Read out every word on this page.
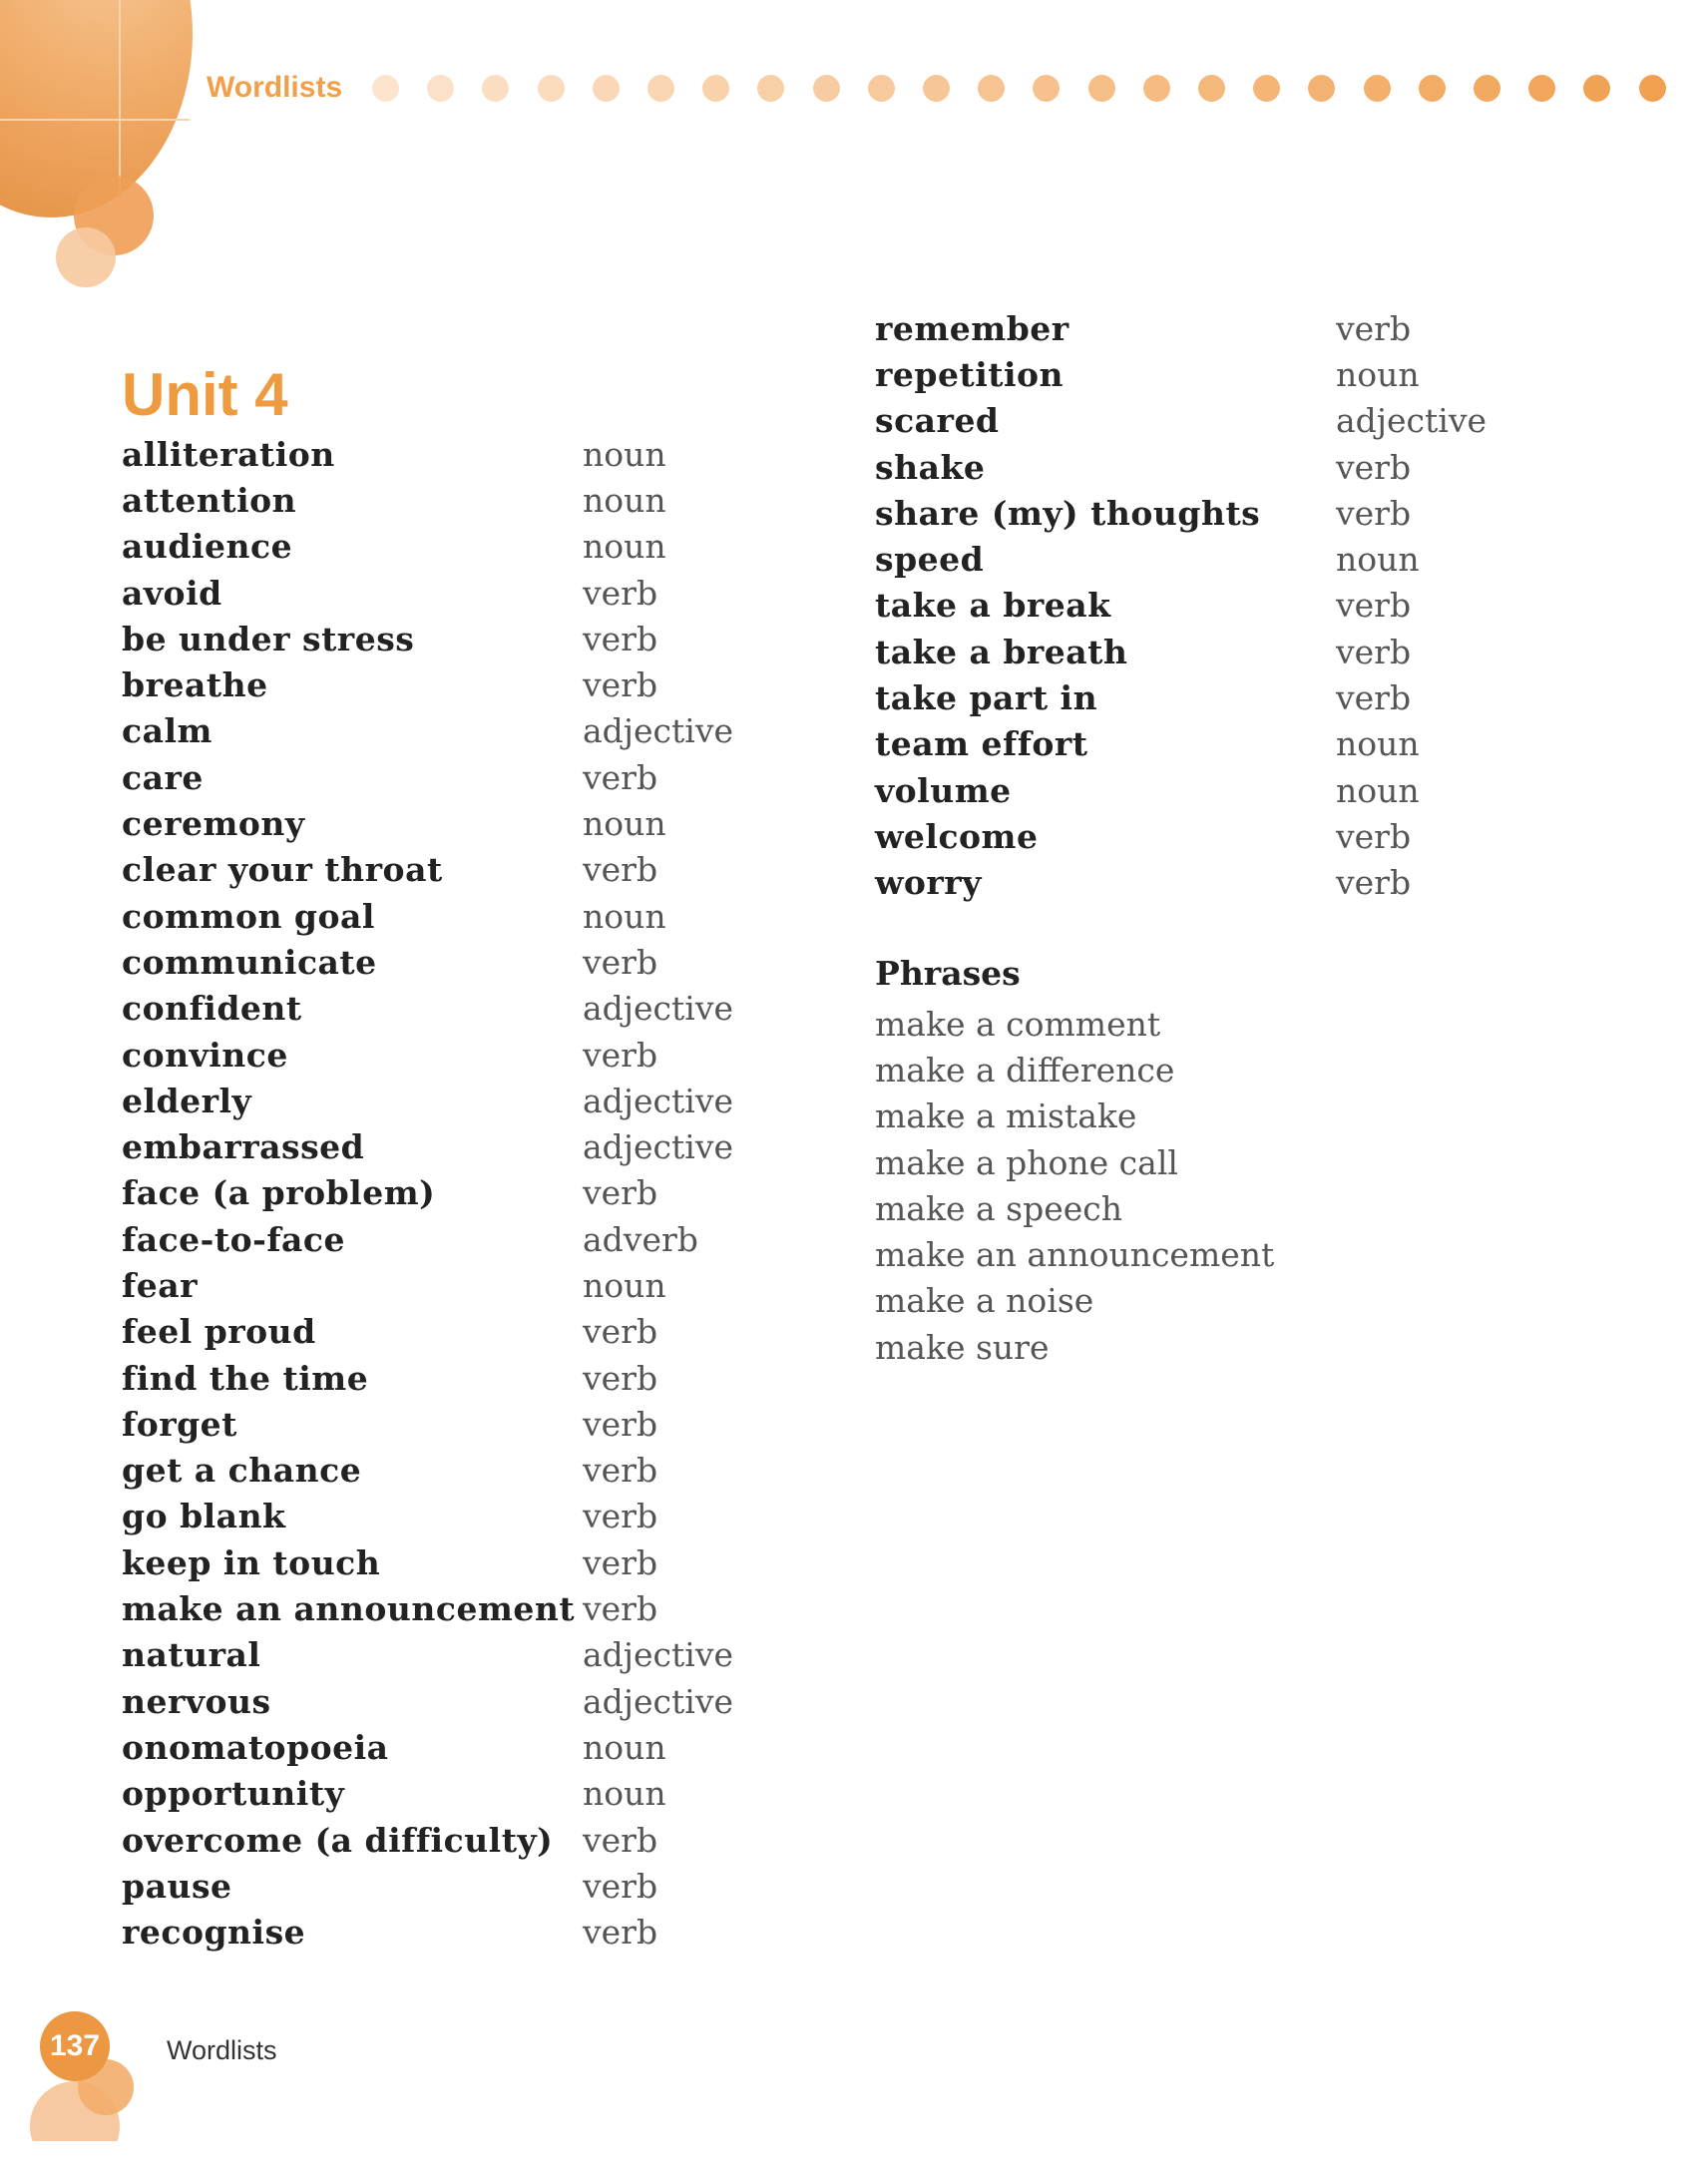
Wordlists
Unit 4
alliteration	noun
attention	noun
audience	noun
avoid	verb
be under stress	verb
breathe	verb
calm	adjective
care	verb
ceremony	noun
clear your throat	verb
common goal	noun
communicate	verb
confident	adjective
convince	verb
elderly	adjective
embarrassed	adjective
face (a problem)	verb
face-to-face	adverb
fear	noun
feel proud	verb
find the time	verb
forget	verb
get a chance	verb
go blank	verb
keep in touch	verb
make an announcement verb
natural	adjective
nervous	adjective
onomatopoeia	noun
opportunity	noun
overcome (a difficulty) verb
pause	verb
recognise	verb
remember	verb
repetition	noun
scared	adjective
shake	verb
share (my) thoughts	verb
speed	noun
take a break	verb
take a breath	verb
take part in	verb
team effort	noun
volume	noun
welcome	verb
worry	verb
Phrases
make a comment
make a difference
make a mistake
make a phone call
make a speech
make an announcement
make a noise
make sure
137	Wordlists
